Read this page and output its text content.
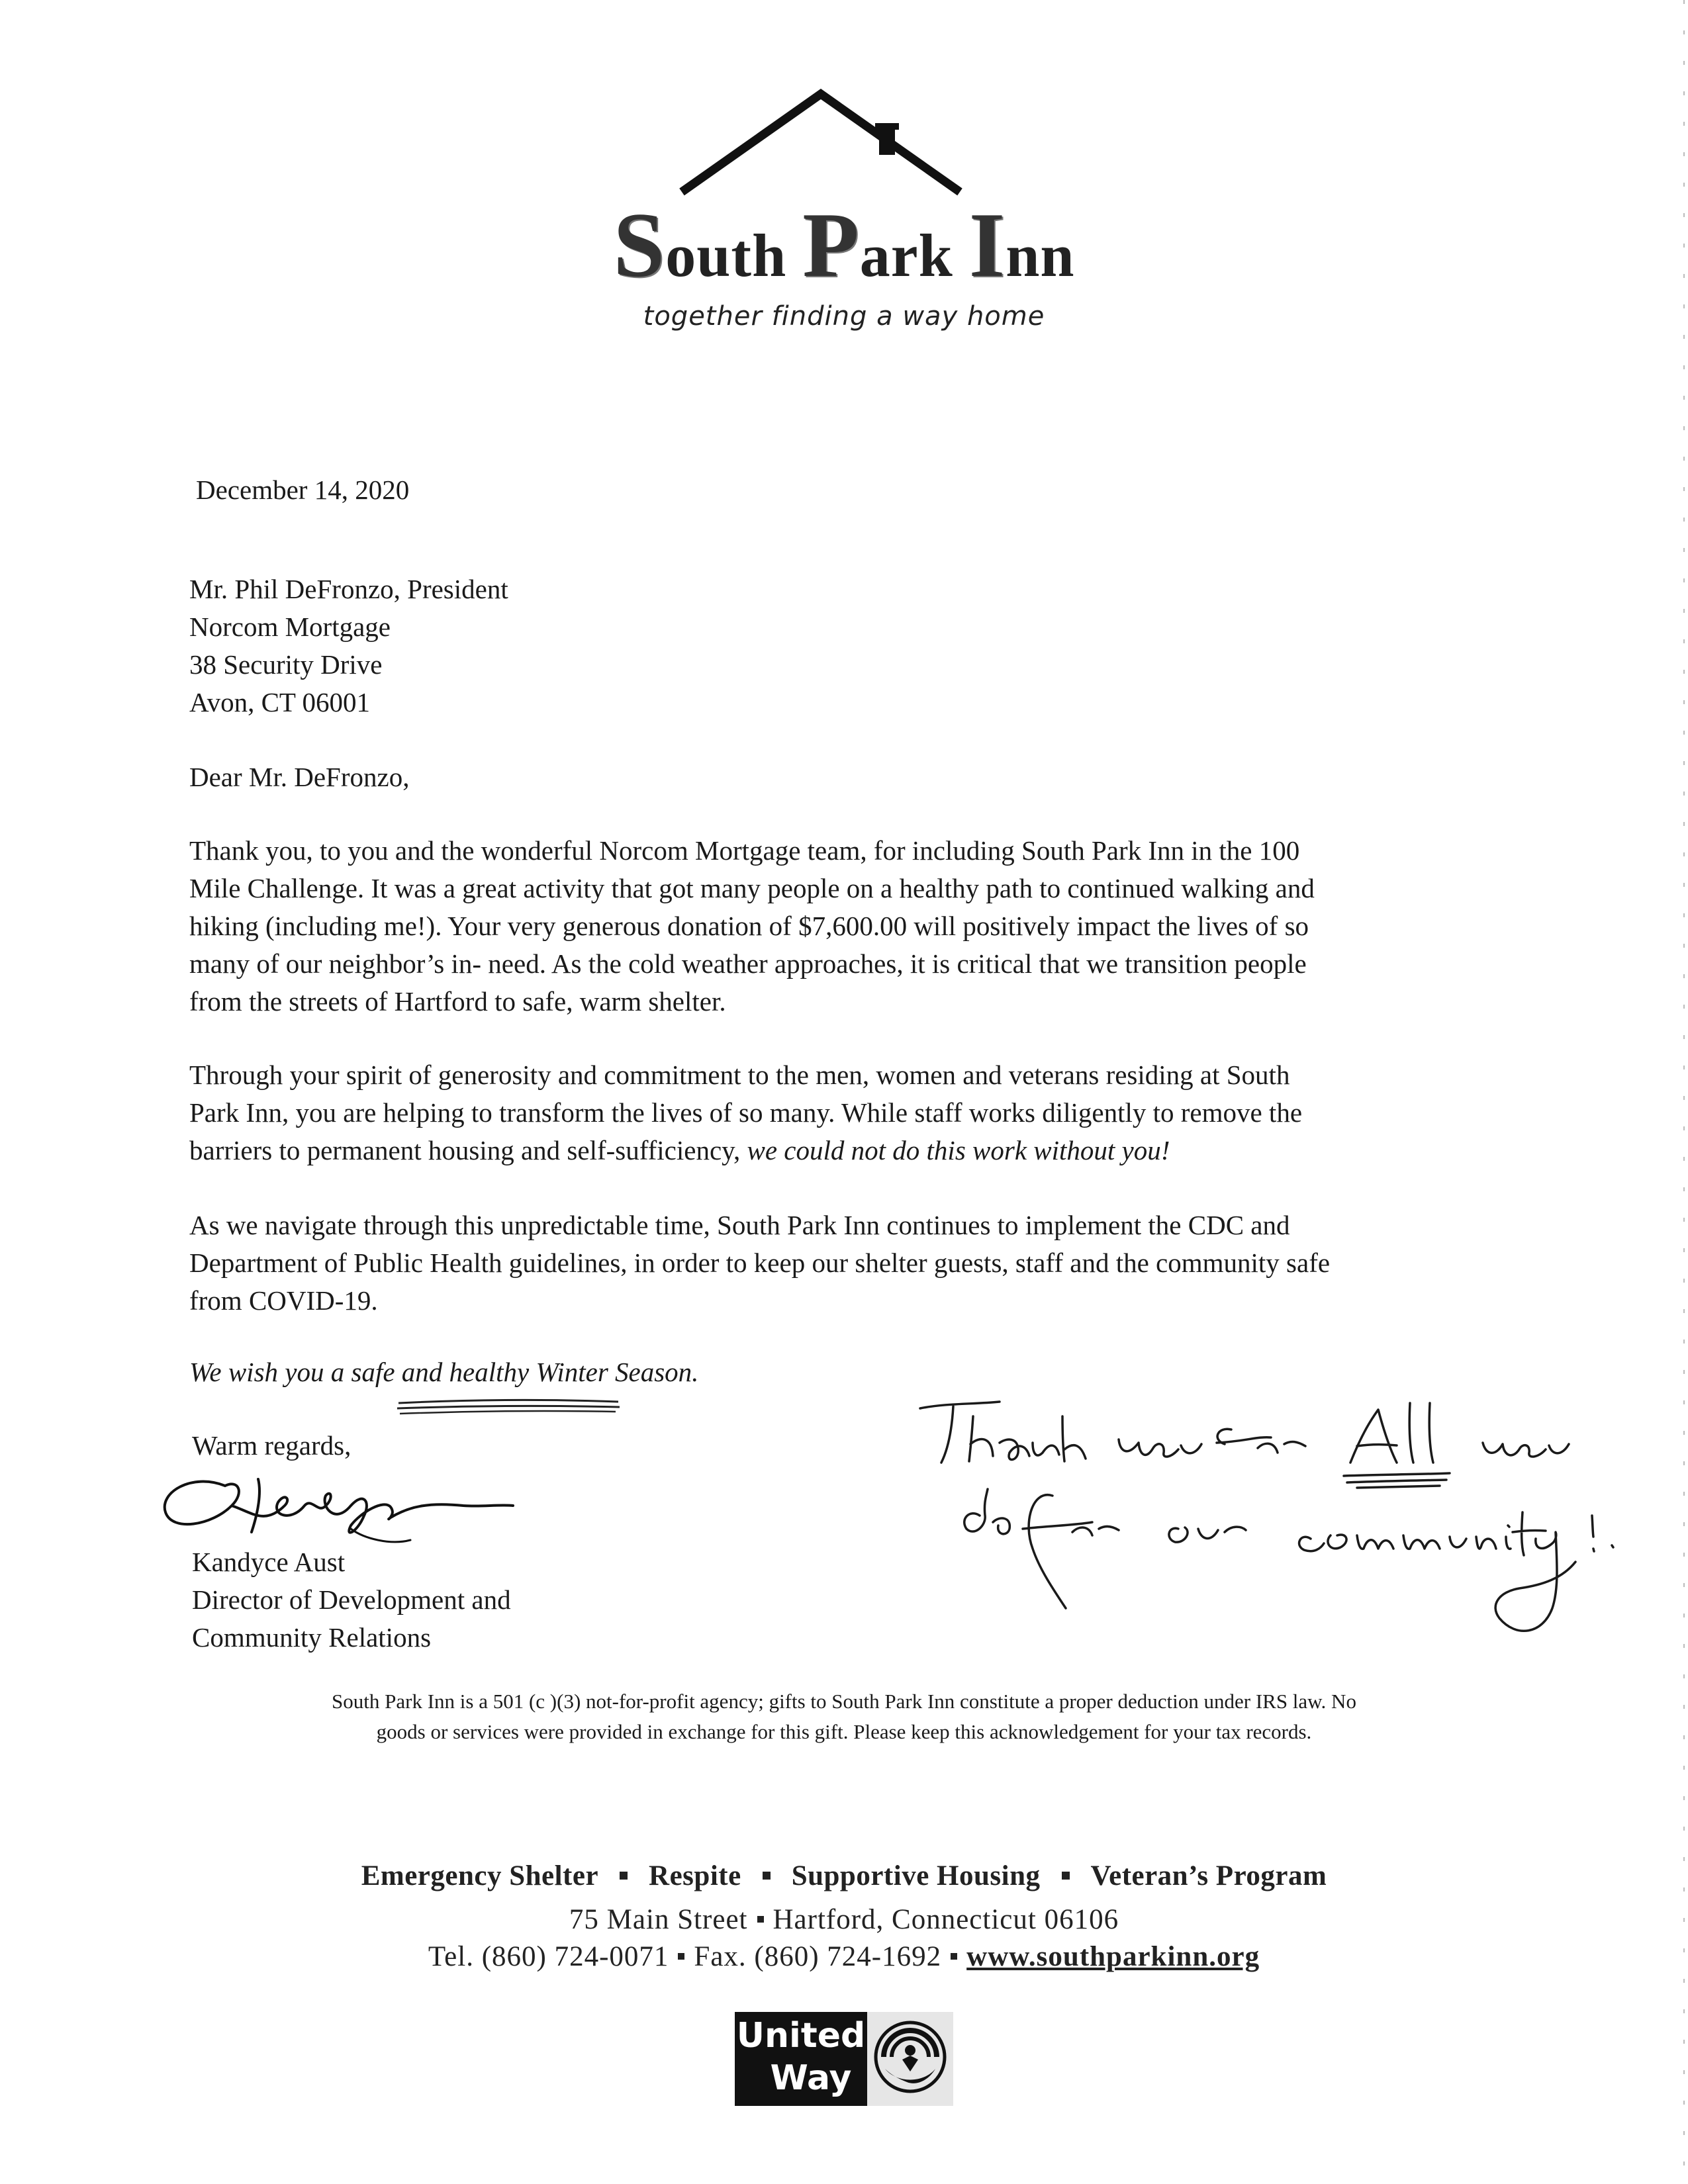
South Park Inn
together finding a way home
December 14, 2020
Mr. Phil DeFronzo, President
Norcom Mortgage
38 Security Drive
Avon, CT 06001
Dear Mr. DeFronzo,
Thank you, to you and the wonderful Norcom Mortgage team, for including South Park Inn in the 100
Mile Challenge. It was a great activity that got many people on a healthy path to continued walking and
hiking (including me!). Your very generous donation of $7,600.00 will positively impact the lives of so
many of our neighbor’s in- need. As the cold weather approaches, it is critical that we transition people
from the streets of Hartford to safe, warm shelter.
Through your spirit of generosity and commitment to the men, women and veterans residing at South
Park Inn, you are helping to transform the lives of so many. While staff works diligently to remove the
barriers to permanent housing and self-sufficiency, we could not do this work without you!
As we navigate through this unpredictable time, South Park Inn continues to implement the CDC and
Department of Public Health guidelines, in order to keep our shelter guests, staff and the community safe
from COVID-19.
We wish you a safe and healthy Winter Season.
Warm regards,
Kandyce Aust
Director of Development and
Community Relations
South Park Inn is a 501 (c )(3) not-for-profit agency; gifts to South Park Inn constitute a proper deduction under IRS law. No
goods or services were provided in exchange for this gift. Please keep this acknowledgement for your tax records.
Emergency Shelter Respite Supportive Housing Veteran’s Program
75 Main Street Hartford, Connecticut 06106
Tel. (860) 724-0071 Fax. (860) 724-1692 www.southparkinn.org
United
Way
